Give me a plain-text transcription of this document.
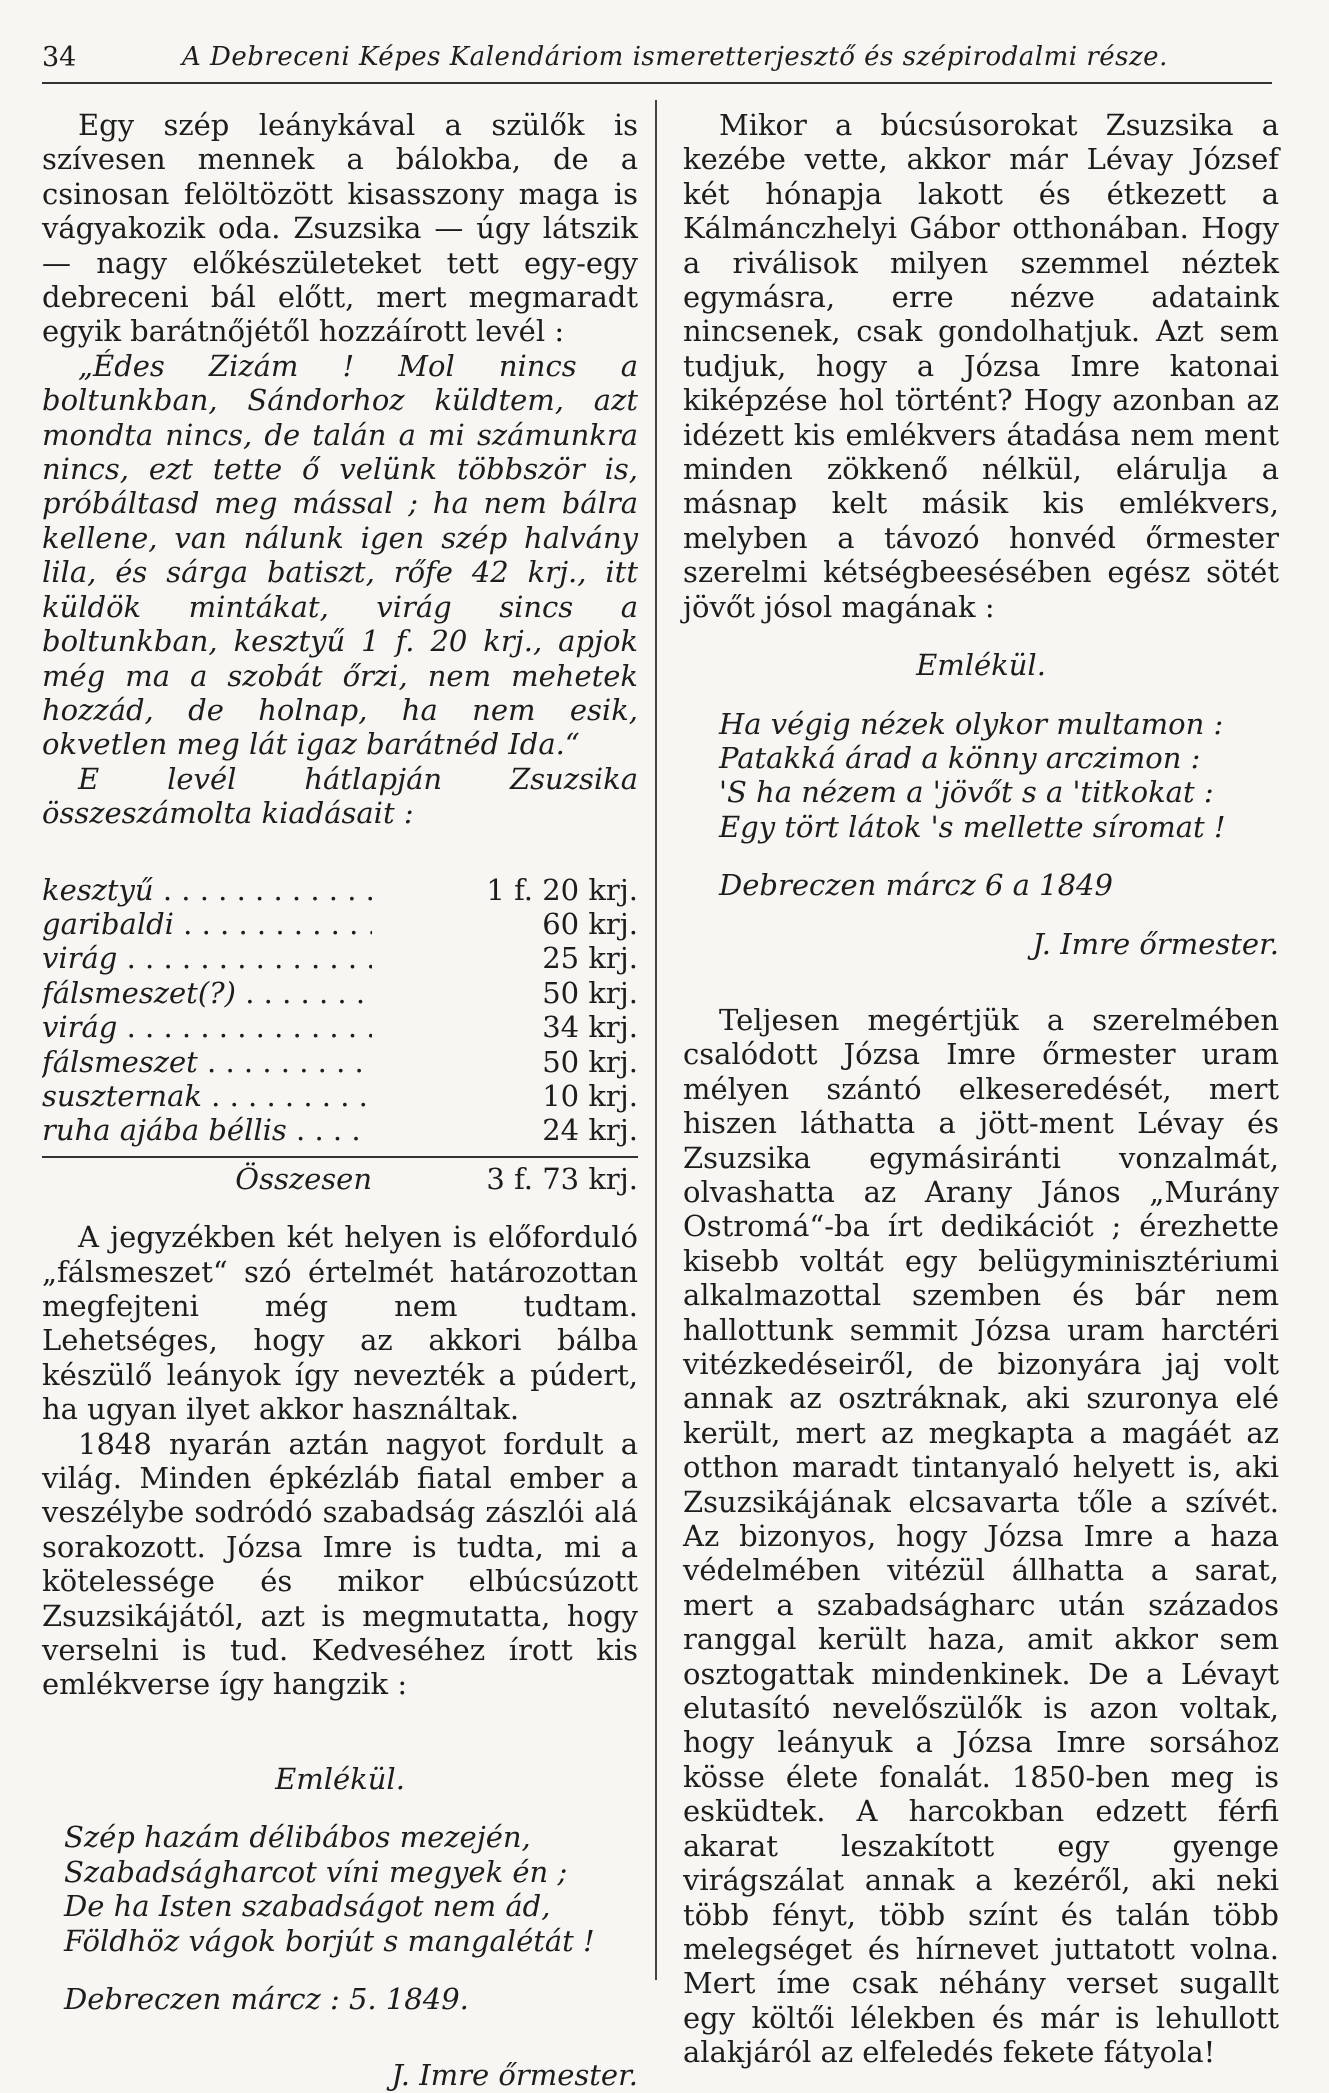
34	A Debreceni Képes Kalendáriom ismeretterjesztő és szépirodalmi része.

Egy szép leánykával a szülők is szívesen mennek a bálokba, de a csinosan felöltözött kisasszony maga is vágyakozik oda. Zsuzsika — úgy látszik — nagy előkészületeket tett egy-egy debreceni bál előtt, mert megmaradt egyik barátnőjétől hozzáírott levél :

„Édes Zizám ! Mol nincs a boltunkban, Sándorhoz küldtem, azt mondta nincs, de talán a mi számunkra nincs, ezt tette ő velünk többször is, próbáltasd meg mással ; ha nem bálra kellene, van nálunk igen szép halvány lila, és sárga batiszt, rőfe 42 krj., itt küldök mintákat, virág sincs a boltunkban, kesztyű 1 f. 20 krj., apjok még ma a szobát őrzi, nem mehetek hozzád, de holnap, ha nem esik, okvetlen meg lát igaz barátnéd Ida.“

E levél hátlapján Zsuzsika összeszámolta kiadásait :

kesztyű . . .	1 f. 20 krj.
garibaldi . . .	60 krj.
virág . . .	25 krj.
fálsmeszet(?) . . .	50 krj.
virág . . .	34 krj.
fálsmeszet . . .	50 krj.
suszternak . . .	10 krj.
ruha ajába béllis . . .	24 krj.
Összesen	3 f. 73 krj.

A jegyzékben két helyen is előforduló „fálsmeszet“ szó értelmét határozottan megfejteni még nem tudtam. Lehetséges, hogy az akkori bálba készülő leányok így nevezték a púdert, ha ugyan ilyet akkor használtak.

1848 nyarán aztán nagyot fordult a világ. Minden épkézláb fiatal ember a veszélybe sodródó szabadság zászlói alá sorakozott. Józsa Imre is tudta, mi a kötelessége és mikor elbúcsúzott Zsuzsikájától, azt is megmutatta, hogy verselni is tud. Kedveséhez írott kis emlékverse így hangzik :

Emlékül.

Szép hazám délibábos mezején,
Szabadságharcot víni megyek én ;
De ha Isten szabadságot nem ád,
Földhöz vágok borjút s mangalétát !
Debreczen márcz : 5. 1849.

J. Imre őrmester.

Mikor a búcsúsorokat Zsuzsika a kezébe vette, akkor már Lévay József két hónapja lakott és étkezett a Kálmánczhelyi Gábor otthonában. Hogy a riválisok milyen szemmel néztek egymásra, erre nézve adataink nincsenek, csak gondolhatjuk. Azt sem tudjuk, hogy a Józsa Imre katonai kiképzése hol történt? Hogy azonban az idézett kis emlékvers átadása nem ment minden zökkenő nélkül, elárulja a másnap kelt másik kis emlékvers, melyben a távozó honvéd őrmester szerelmi kétségbeesésében egész sötét jövőt jósol magának :

Emlékül.

Ha végig nézek olykor multamon :
Patakká árad a könny arczimon :
'S ha nézem a 'jövőt s a 'titkokat :
Egy tört látok 's mellette síromat !
Debreczen márcz 6 a 1849

J. Imre őrmester.

Teljesen megértjük a szerelmében csalódott Józsa Imre őrmester uram mélyen szántó elkeseredését, mert hiszen láthatta a jött-ment Lévay és Zsuzsika egymásiránti vonzalmát, olvashatta az Arany János „Murány Ostromá“-ba írt dedikációt ; érezhette kisebb voltát egy belügyminisztériumi alkalmazottal szemben és bár nem hallottunk semmit Józsa uram harctéri vitézkedéseiről, de bizonyára jaj volt annak az osztráknak, aki szuronya elé került, mert az megkapta a magáét az otthon maradt tintanyaló helyett is, aki Zsuzsikájának elcsavarta tőle a szívét. Az bizonyos, hogy Józsa Imre a haza védelmében vitézül állhatta a sarat, mert a szabadságharc után százados ranggal került haza, amit akkor sem osztogattak mindenkinek. De a Lévayt elutasító nevelőszülők is azon voltak, hogy leányuk a Józsa Imre sorsához kösse élete fonalát. 1850-ben meg is esküdtek. A harcokban edzett férfi akarat leszakított egy gyenge virágszálat annak a kezéről, aki neki több fényt, több színt és talán több melegséget és hírnevet juttatott volna. Mert íme csak néhány verset sugallt egy költői lélekben és már is lehullott alakjáról az elfeledés fekete fátyola!
